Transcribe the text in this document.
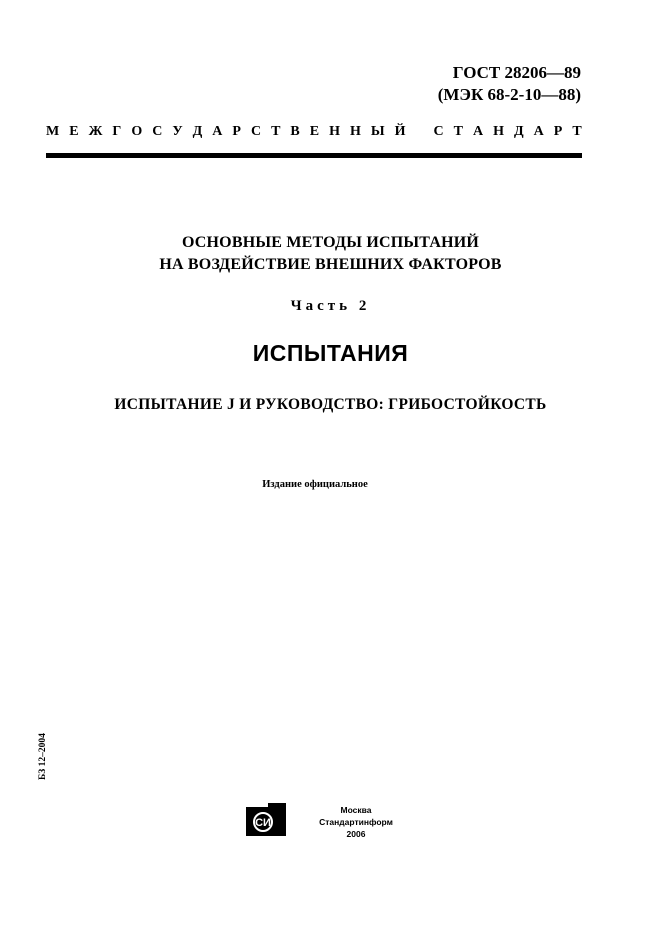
ГОСТ 28206—89
(МЭК 68-2-10—88)
М Е Ж Г О С У Д А Р С Т В Е Н Н Ы Й С Т А Н Д А Р Т
ОСНОВНЫЕ МЕТОДЫ ИСПЫТАНИЙ
НА ВОЗДЕЙСТВИЕ ВНЕШНИХ ФАКТОРОВ
Часть 2
ИСПЫТАНИЯ
ИСПЫТАНИЕ J И РУКОВОДСТВО: ГРИБОСТОЙКОСТЬ
Издание официальное
БЗ 12–2004
СИ
Москва
Стандартинформ
2006
